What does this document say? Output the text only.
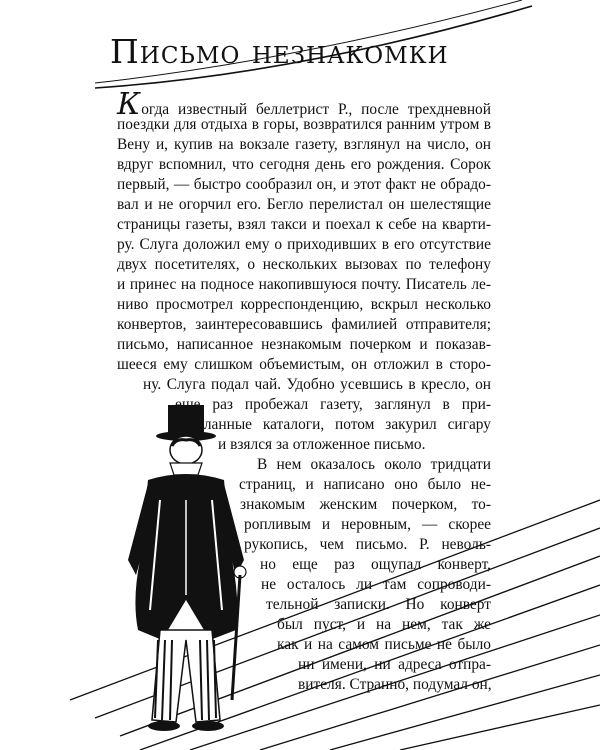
Письмо незнакомки
Когда известный беллетрист Р., после трехдневной
поездки для отдыха в горы, возвратился ранним утром в
Вену и, купив на вокзале газету, взглянул на число, он
вдруг вспомнил, что сегодня день его рождения. Сорок
первый, — быстро сообразил он, и этот факт не обрадо-
вал и не огорчил его. Бегло перелистал он шелестящие
страницы газеты, взял такси и поехал к себе на кварти-
ру. Слуга доложил ему о приходивших в его отсутствие
двух посетителях, о нескольких вызовах по телефону
и принес на подносе накопившуюся почту. Писатель ле-
ниво просмотрел корреспонденцию, вскрыл несколько
конвертов, заинтересовавшись фамилией отправителя;
письмо, написанное незнакомым почерком и показав-
шееся ему слишком объемистым, он отложил в сторо-
ну. Слуга подал чай. Удобно усевшись в кресло, он
еще раз пробежал газету, заглянул в при-
сланные каталоги, потом закурил сигару
и взялся за отложенное письмо.
В нем оказалось около тридцати
страниц, и написано оно было не-
знакомым женским почерком, то-
ропливым и неровным, — скорее
рукопись, чем письмо. Р. неволь-
но еще раз ощупал конверт,
не осталось ли там сопроводи-
тельной записки. Но конверт
был пуст, и на нем, так же
как и на самом письме не было
ни имени, ни адреса отпра-
вителя. Странно, подумал он,
